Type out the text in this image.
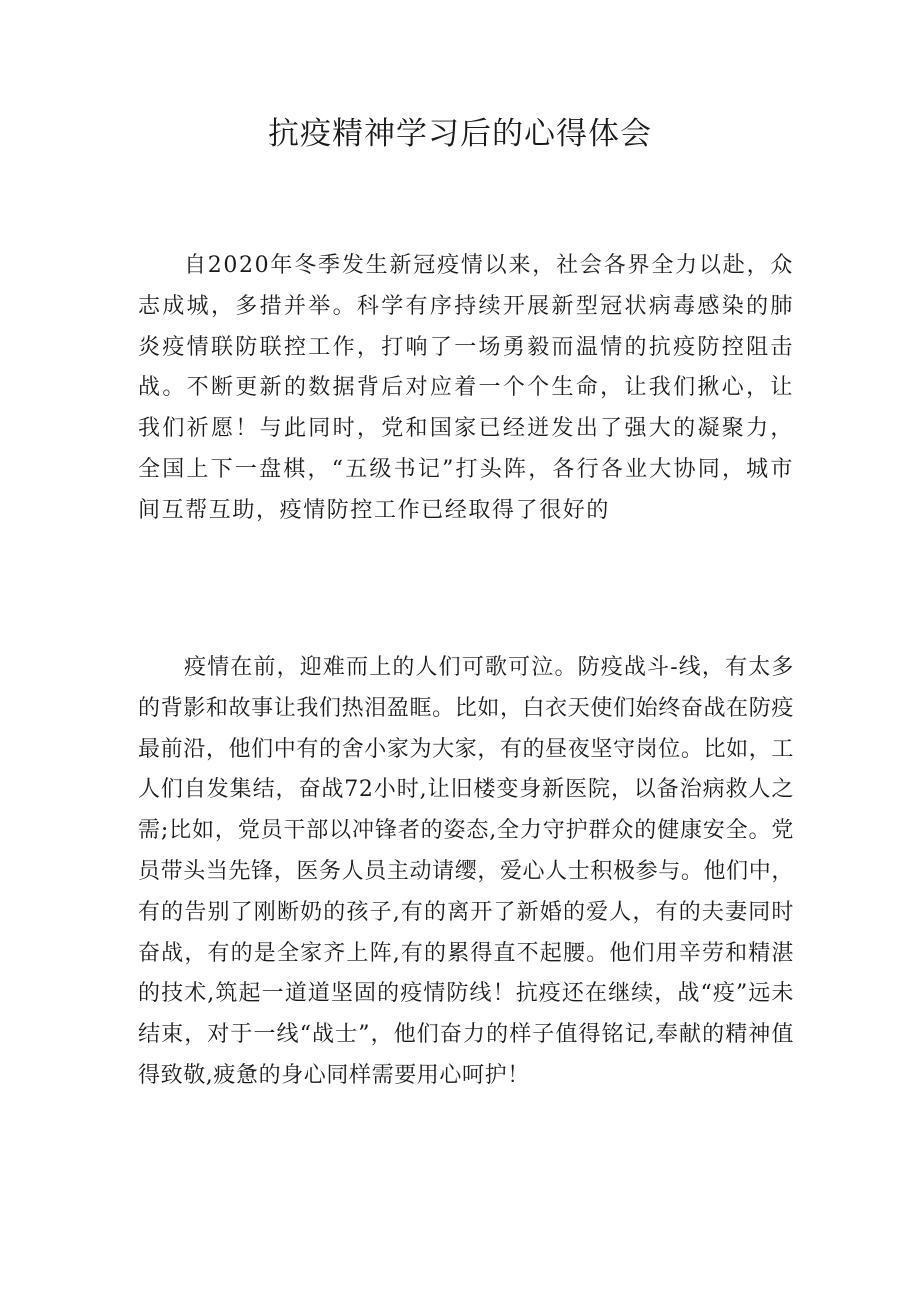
抗疫精神学习后的心得体会

自2020年冬季发生新冠疫情以来，社会各界全力以赴，众志成城，多措并举。科学有序持续开展新型冠状病毒感染的肺炎疫情联防联控工作，打响了一场勇毅而温情的抗疫防控阻击战。不断更新的数据背后对应着一个个生命，让我们揪心，让我们祈愿！与此同时，党和国家已经迸发出了强大的凝聚力，全国上下一盘棋，“五级书记”打头阵，各行各业大协同，城市间互帮互助，疫情防控工作已经取得了很好的

疫情在前，迎难而上的人们可歌可泣。防疫战斗-线，有太多的背影和故事让我们热泪盈眶。比如，白衣天使们始终奋战在防疫最前沿，他们中有的舍小家为大家，有的昼夜坚守岗位。比如，工人们自发集结，奋战72小时,让旧楼变身新医院，以备治病救人之需;比如，党员干部以冲锋者的姿态,全力守护群众的健康安全。党员带头当先锋，医务人员主动请缨，爱心人士积极参与。他们中，有的告别了刚断奶的孩子,有的离开了新婚的爱人，有的夫妻同时奋战，有的是全家齐上阵,有的累得直不起腰。他们用辛劳和精湛的技术,筑起一道道坚固的疫情防线！抗疫还在继续，战“疫”远未结束，对于一线“战士”，他们奋力的样子值得铭记,奉献的精神值得致敬,疲惫的身心同样需要用心呵护！
